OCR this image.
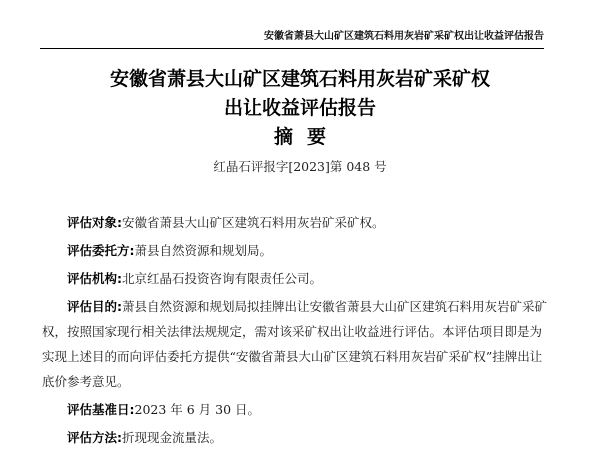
安徽省萧县大山矿区建筑石料用灰岩矿采矿权出让收益评估报告
安徽省萧县大山矿区建筑石料用灰岩矿采矿权
出让收益评估报告
摘要
红晶石评报字[2023]第 048 号

评估对象:安徽省萧县大山矿区建筑石料用灰岩矿采矿权。

评估委托方:萧县自然资源和规划局。

评估机构:北京红晶石投资咨询有限责任公司。

评估目的:萧县自然资源和规划局拟挂牌出让安徽省萧县大山矿区建筑石料用灰岩矿采矿权，按照国家现行相关法律法规规定，需对该采矿权出让收益进行评估。本评估项目即是为实现上述目的而向评估委托方提供“安徽省萧县大山矿区建筑石料用灰岩矿采矿权”挂牌出让底价参考意见。

评估基准日:2023 年 6 月 30 日。

评估方法:折现现金流量法。
